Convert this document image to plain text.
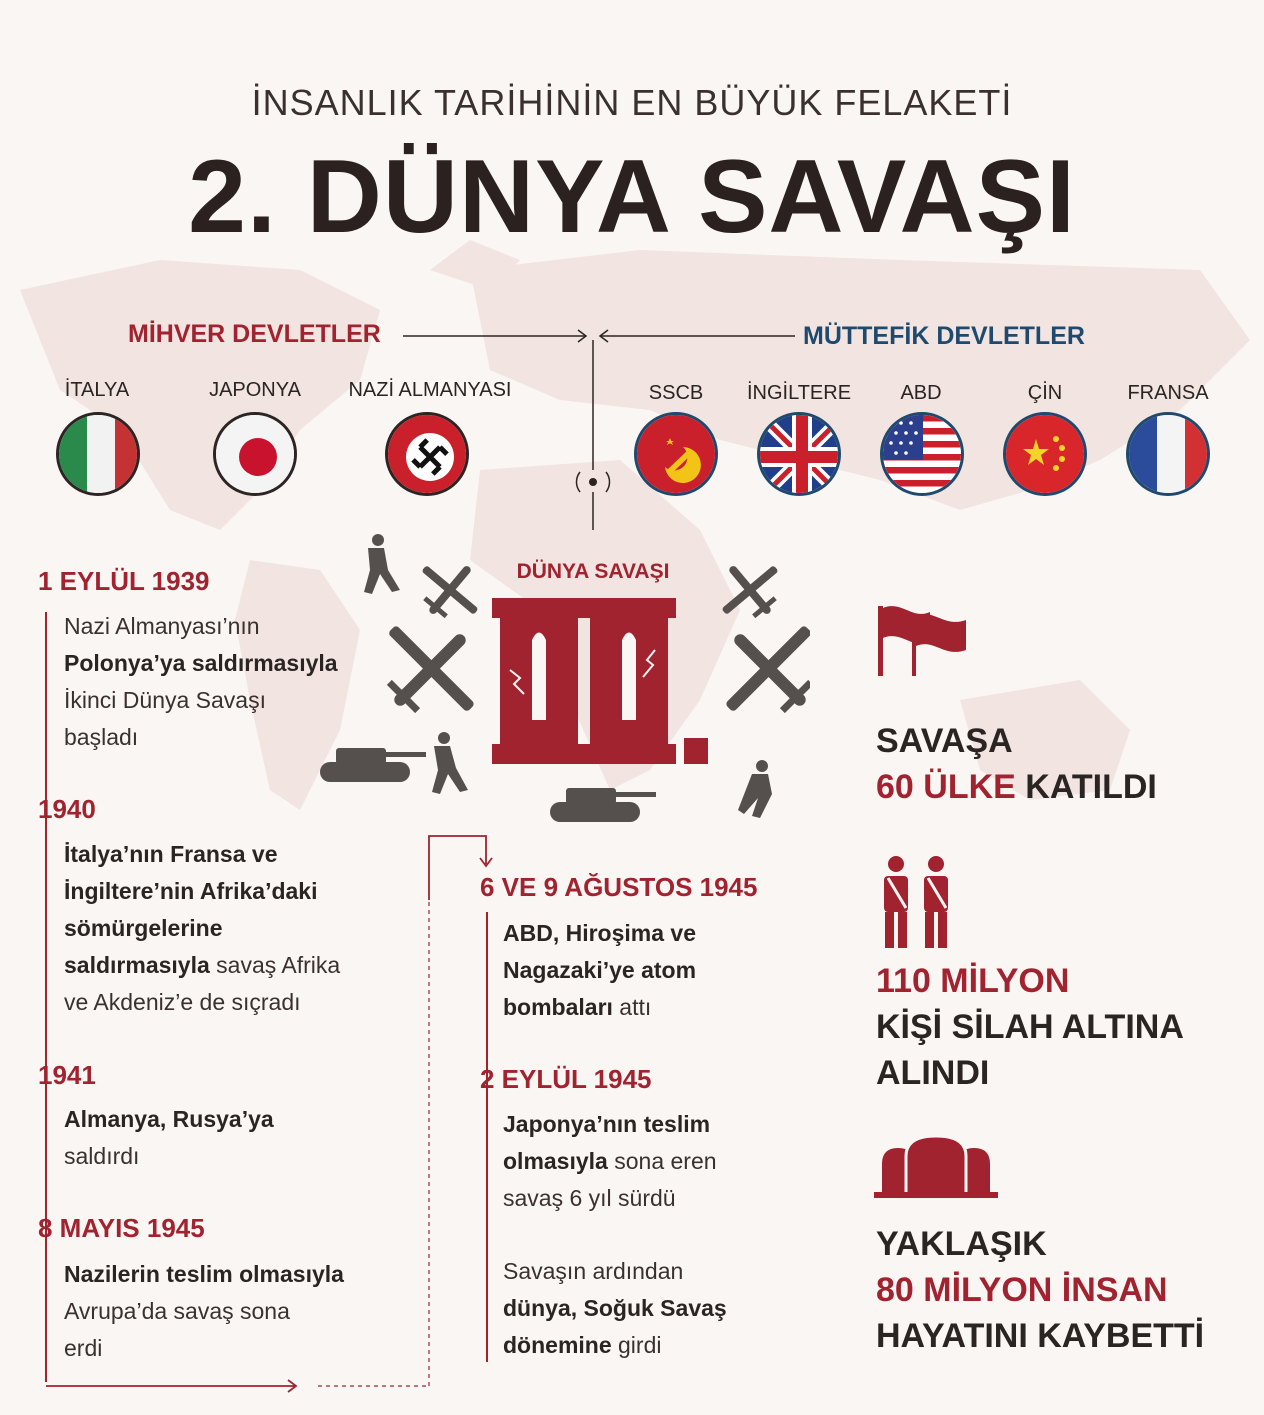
İNSANLIK TARİHİNİN EN BÜYÜK FELAKETİ
2. DÜNYA SAVAŞI
MİHVER DEVLETLER	MÜTTEFİK DEVLETLER
İTALYA	JAPONYA	NAZİ ALMANYASI	SSCB	İNGİLTERE	ABD	ÇİN	FRANSA
DÜNYA SAVAŞI
1 EYLÜL 1939
Nazi Almanyası’nın
Polonya’ya saldırmasıyla
İkinci Dünya Savaşı
başladı
1940
İtalya’nın Fransa ve
İngiltere’nin Afrika’daki
sömürgelerine
saldırmasıyla savaş Afrika
ve Akdeniz’e de sıçradı
1941
Almanya, Rusya’ya
saldırdı
8 MAYIS 1945
Nazilerin teslim olmasıyla
Avrupa’da savaş sona
erdi
6 VE 9 AĞUSTOS 1945
ABD, Hiroşima ve
Nagazaki’ye atom
bombaları attı
2 EYLÜL 1945
Japonya’nın teslim
olmasıyla sona eren
savaş 6 yıl sürdü
Savaşın ardından
dünya, Soğuk Savaş
dönemine girdi
SAVAŞA
60 ÜLKE KATILDI
110 MİLYON
KİŞİ SİLAH ALTINA
ALINDI
YAKLAŞIK
80 MİLYON İNSAN
HAYATINI KAYBETTİ
